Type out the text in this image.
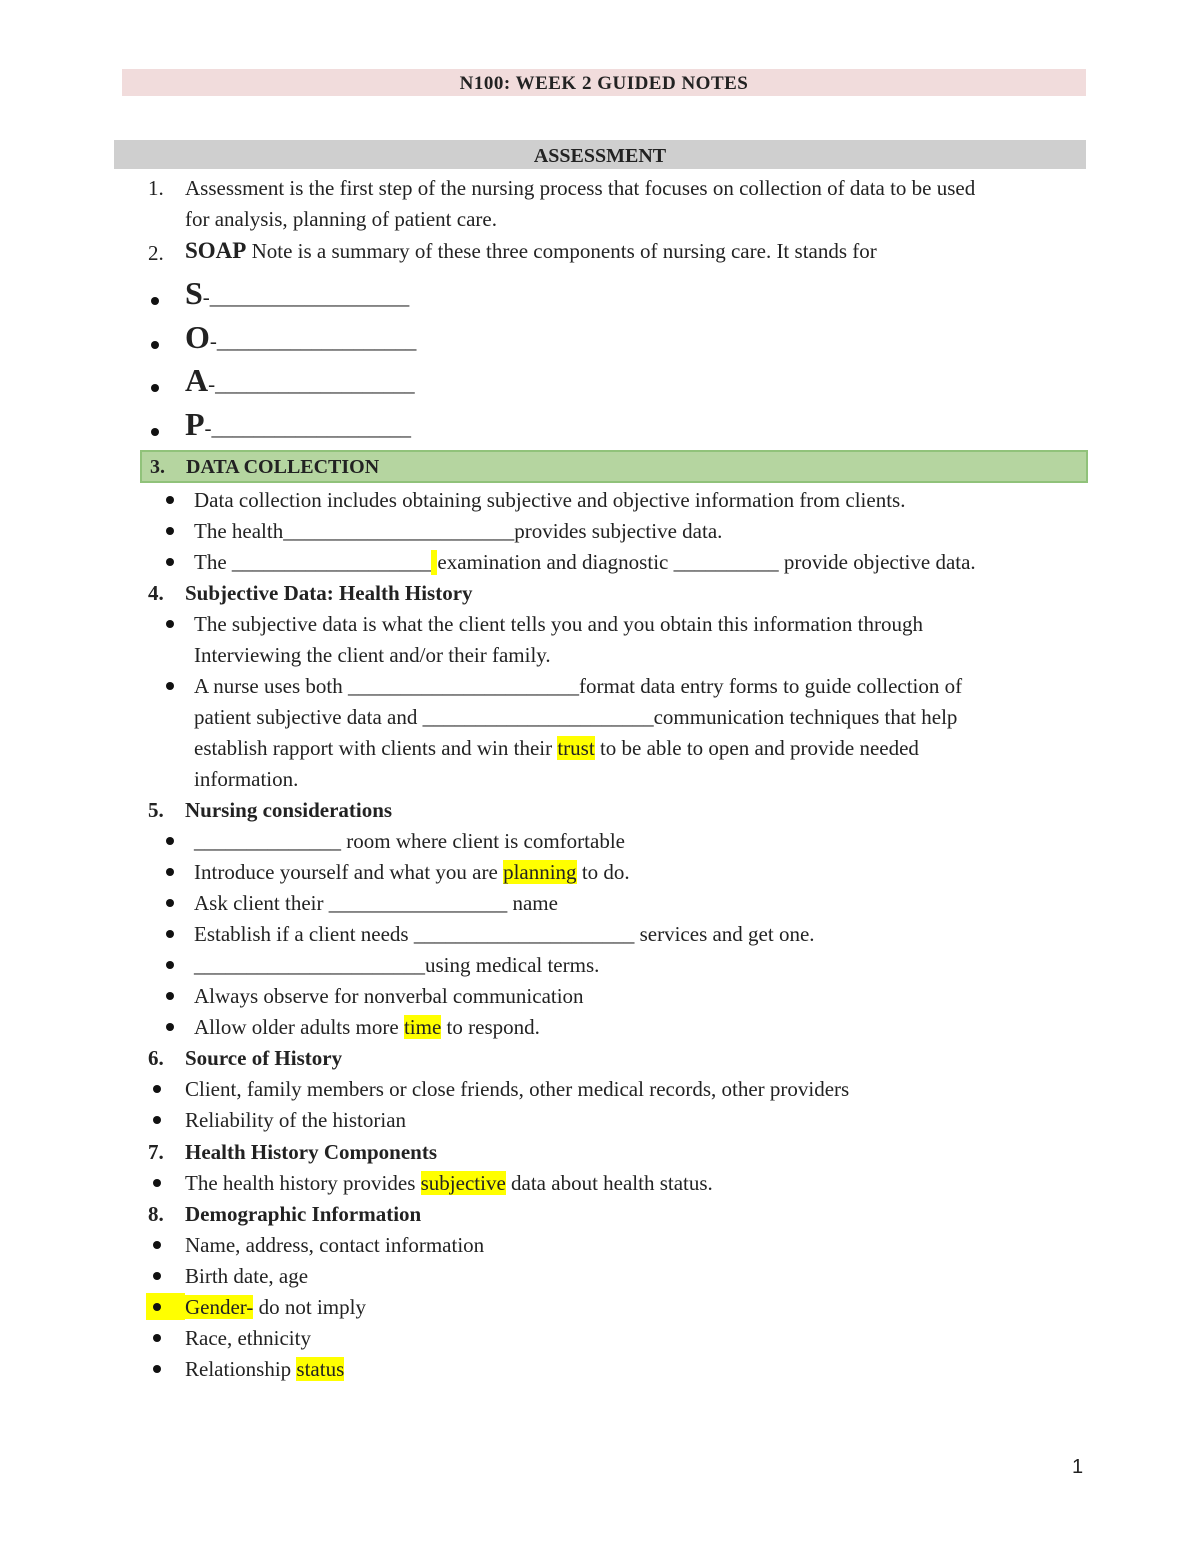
N100: WEEK 2 GUIDED NOTES
ASSESSMENT
1. Assessment is the first step of the nursing process that focuses on collection of data to be used
for analysis, planning of patient care.
2. SOAP Note is a summary of these three components of nursing care. It stands for
S-___________________
O-___________________
A-___________________
P-___________________
3. DATA COLLECTION
Data collection includes obtaining subjective and objective information from clients.
The health______________________provides subjective data.
The ___________________ examination and diagnostic __________ provide objective data.
4. Subjective Data: Health History
The subjective data is what the client tells you and you obtain this information through
Interviewing the client and/or their family.
A nurse uses both ______________________format data entry forms to guide collection of
patient subjective data and ______________________communication techniques that help
establish rapport with clients and win their trust to be able to open and provide needed
information.
5. Nursing considerations
______________ room where client is comfortable
Introduce yourself and what you are planning to do.
Ask client their _________________ name
Establish if a client needs _____________________ services and get one.
______________________using medical terms.
Always observe for nonverbal communication
Allow older adults more time to respond.
6. Source of History
Client, family members or close friends, other medical records, other providers
Reliability of the historian
7. Health History Components
The health history provides subjective data about health status.
8. Demographic Information
Name, address, contact information
Birth date, age
Gender- do not imply
Race, ethnicity
Relationship status
1
